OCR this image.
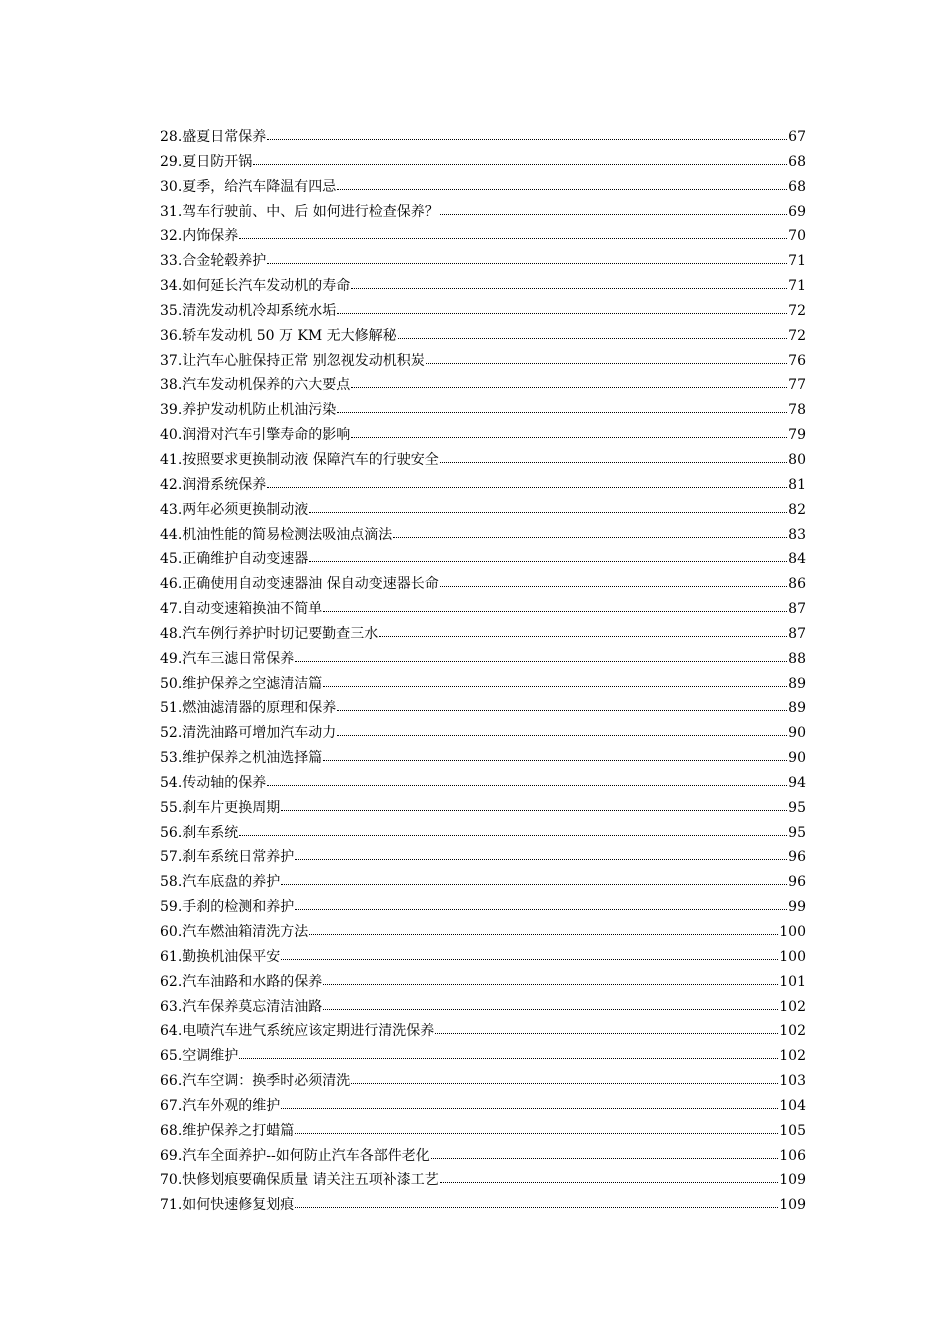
28.盛夏日常保养	67
29.夏日防开锅	68
30.夏季，给汽车降温有四忌	68
31.驾车行驶前、中、后 如何进行检查保养？	69
32.内饰保养	70
33.合金轮毂养护	71
34.如何延长汽车发动机的寿命	71
35.清洗发动机冷却系统水垢	72
36.轿车发动机 50 万 KM 无大修解秘	72
37.让汽车心脏保持正常 别忽视发动机积炭	76
38.汽车发动机保养的六大要点	77
39.养护发动机防止机油污染	78
40.润滑对汽车引擎寿命的影响	79
41.按照要求更换制动液 保障汽车的行驶安全	80
42.润滑系统保养	81
43.两年必须更换制动液	82
44.机油性能的简易检测法吸油点滴法	83
45.正确维护自动变速器	84
46.正确使用自动变速器油 保自动变速器长命	86
47.自动变速箱换油不简单	87
48.汽车例行养护时切记要勤查三水	87
49.汽车三滤日常保养	88
50.维护保养之空滤清洁篇	89
51.燃油滤清器的原理和保养	89
52.清洗油路可增加汽车动力	90
53.维护保养之机油选择篇	90
54.传动轴的保养	94
55.刹车片更换周期	95
56.刹车系统	95
57.刹车系统日常养护	96
58.汽车底盘的养护	96
59.手刹的检测和养护	99
60.汽车燃油箱清洗方法	100
61.勤换机油保平安	100
62.汽车油路和水路的保养	101
63.汽车保养莫忘清洁油路	102
64.电喷汽车进气系统应该定期进行清洗保养	102
65.空调维护	102
66.汽车空调：换季时必须清洗	103
67.汽车外观的维护	104
68.维护保养之打蜡篇	105
69.汽车全面养护--如何防止汽车各部件老化	106
70.快修划痕要确保质量 请关注五项补漆工艺	109
71.如何快速修复划痕	109
